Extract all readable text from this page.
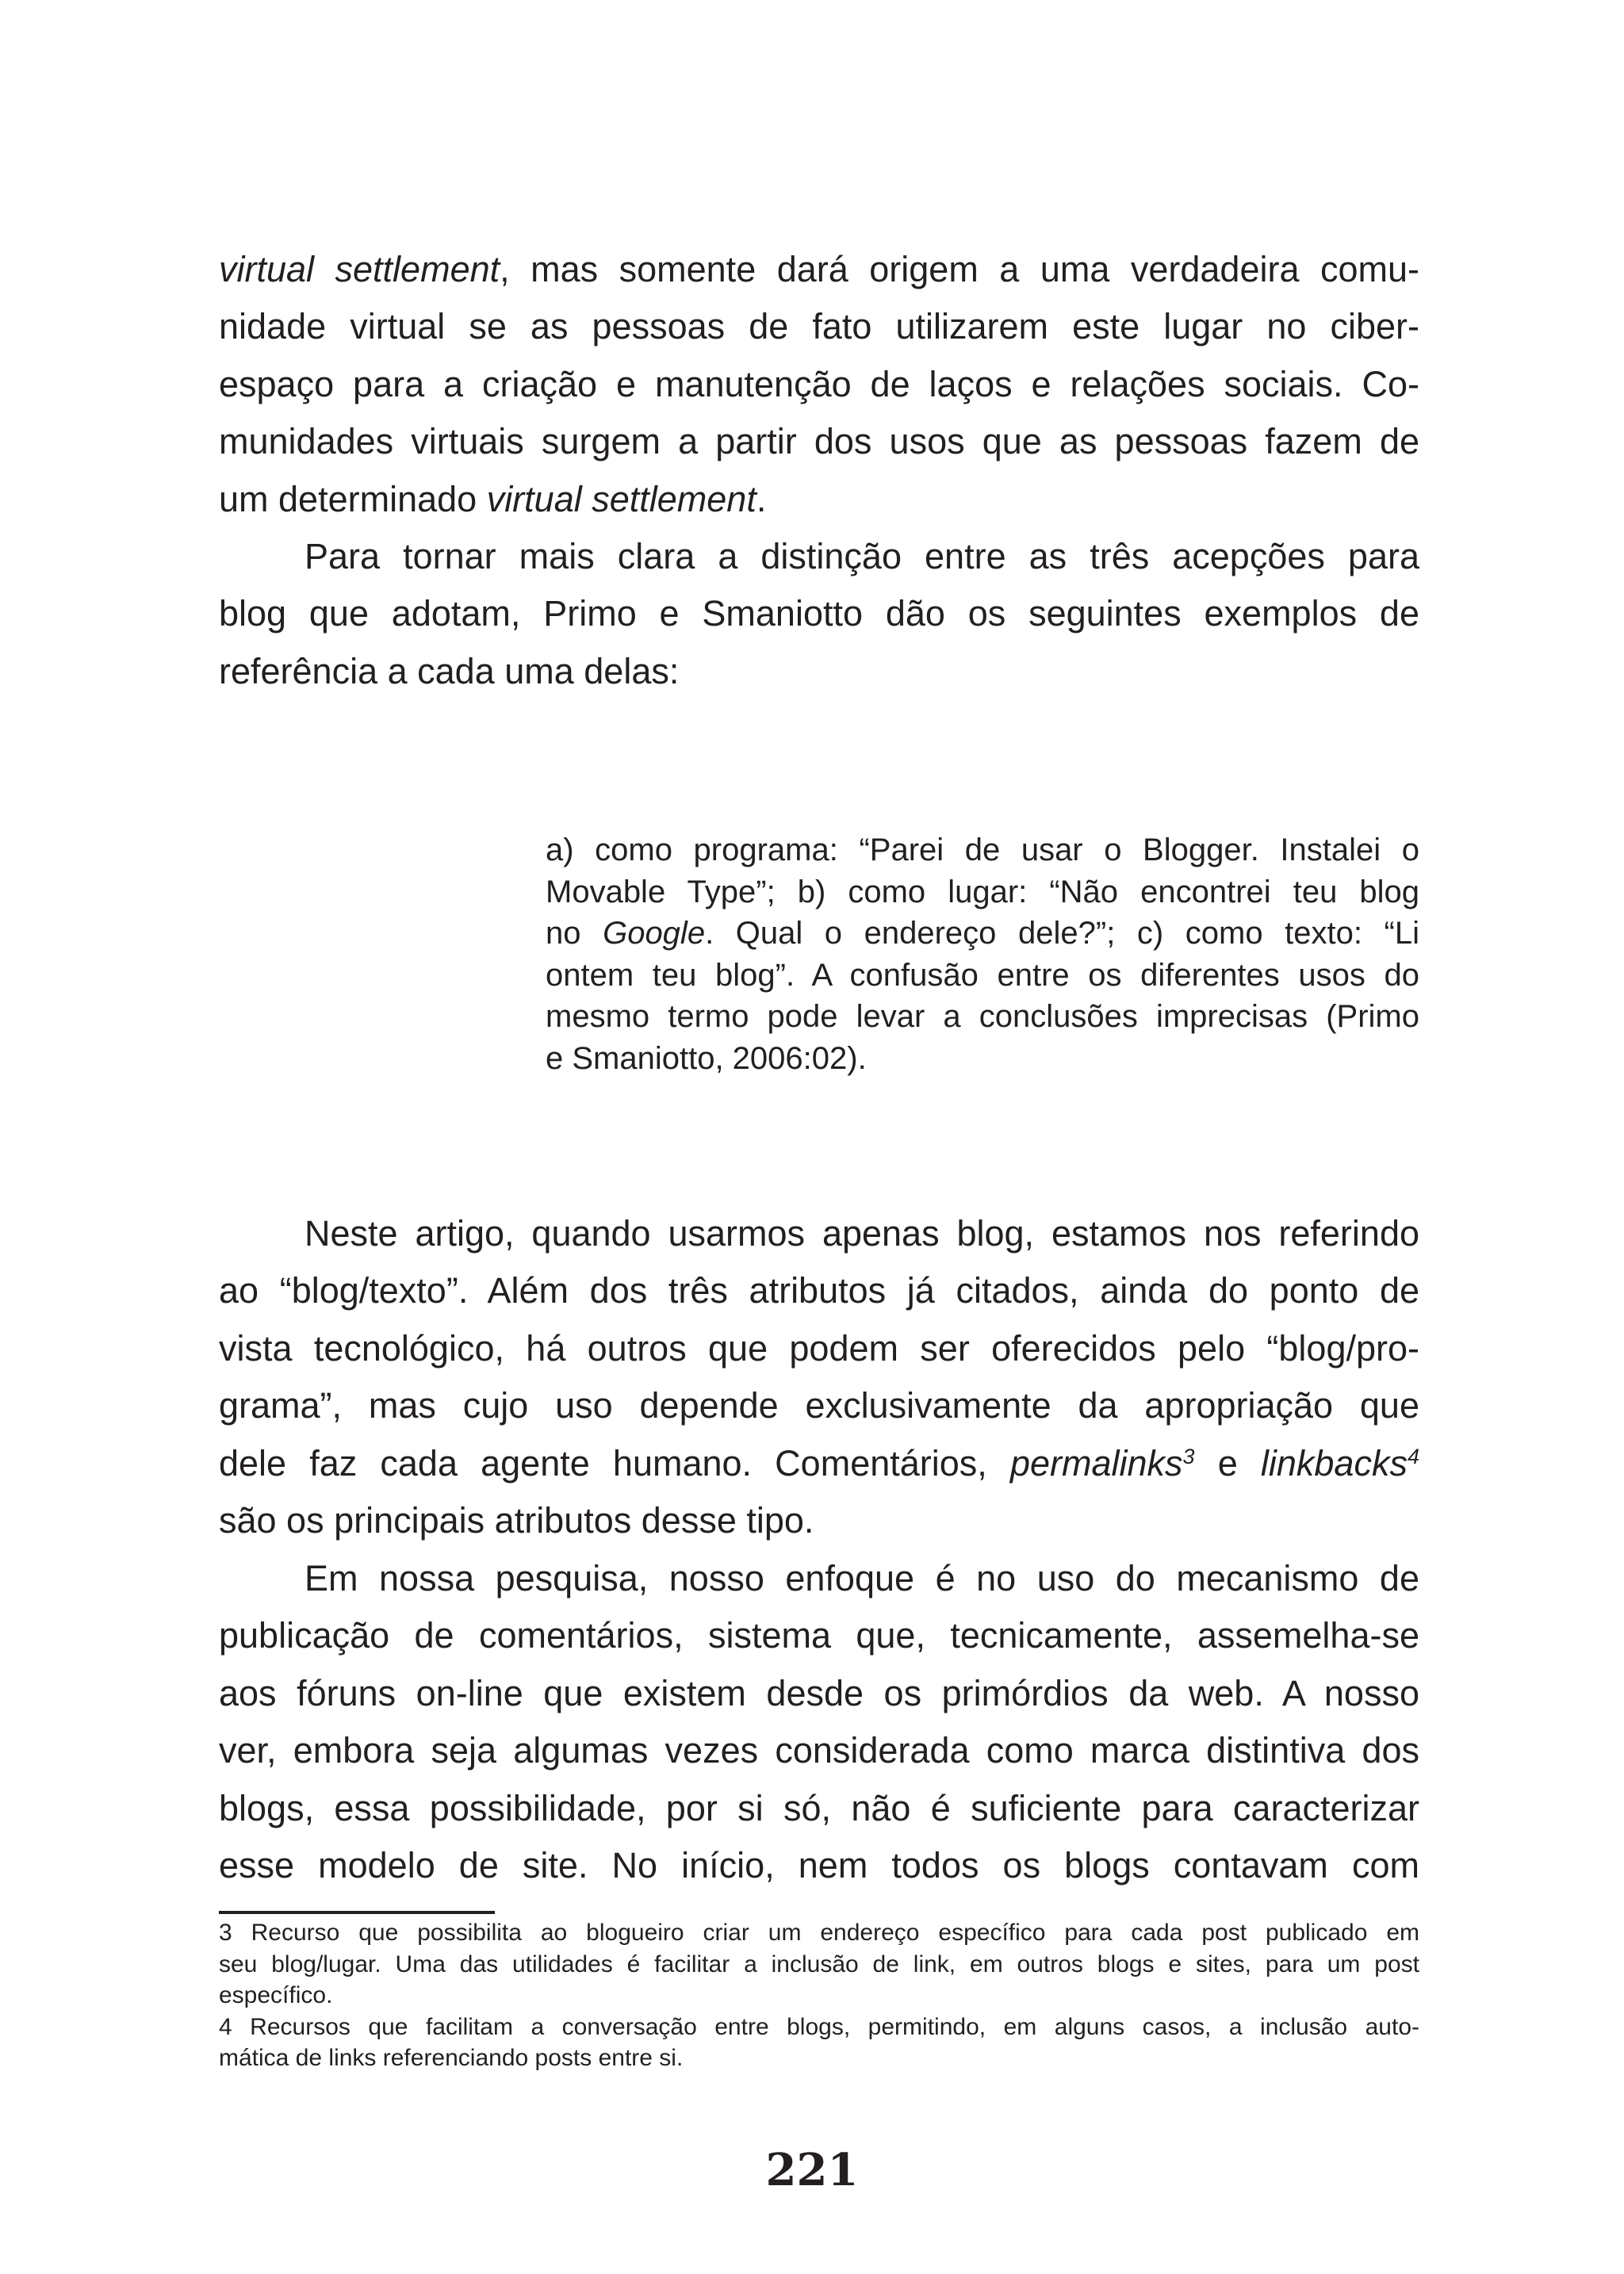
virtual settlement, mas somente dará origem a uma verdadeira comu-
nidade virtual se as pessoas de fato utilizarem este lugar no ciber-
espaço para a criação e manutenção de laços e relações sociais. Co-
munidades virtuais surgem a partir dos usos que as pessoas fazem de
um determinado virtual settlement.
Para tornar mais clara a distinção entre as três acepções para
blog que adotam, Primo e Smaniotto dão os seguintes exemplos de
referência a cada uma delas:
a) como programa: “Parei de usar o Blogger. Instalei o
Movable Type”; b) como lugar: “Não encontrei teu blog
no Google. Qual o endereço dele?”; c) como texto: “Li
ontem teu blog”. A confusão entre os diferentes usos do
mesmo termo pode levar a conclusões imprecisas (Primo
e Smaniotto, 2006:02).
Neste artigo, quando usarmos apenas blog, estamos nos referindo
ao “blog/texto”. Além dos três atributos já citados, ainda do ponto de
vista tecnológico, há outros que podem ser oferecidos pelo “blog/pro-
grama”, mas cujo uso depende exclusivamente da apropriação que
dele faz cada agente humano. Comentários, permalinks$^3$ e linkbacks$^4$
são os principais atributos desse tipo.
Em nossa pesquisa, nosso enfoque é no uso do mecanismo de
publicação de comentários, sistema que, tecnicamente, assemelha-se
aos fóruns on-line que existem desde os primórdios da web. A nosso
ver, embora seja algumas vezes considerada como marca distintiva dos
blogs, essa possibilidade, por si só, não é suficiente para caracterizar
esse modelo de site. No início, nem todos os blogs contavam com
3 Recurso que possibilita ao blogueiro criar um endereço específico para cada post publicado em
seu blog/lugar. Uma das utilidades é facilitar a inclusão de link, em outros blogs e sites, para um post
específico.
4 Recursos que facilitam a conversação entre blogs, permitindo, em alguns casos, a inclusão auto-
mática de links referenciando posts entre si.
221
